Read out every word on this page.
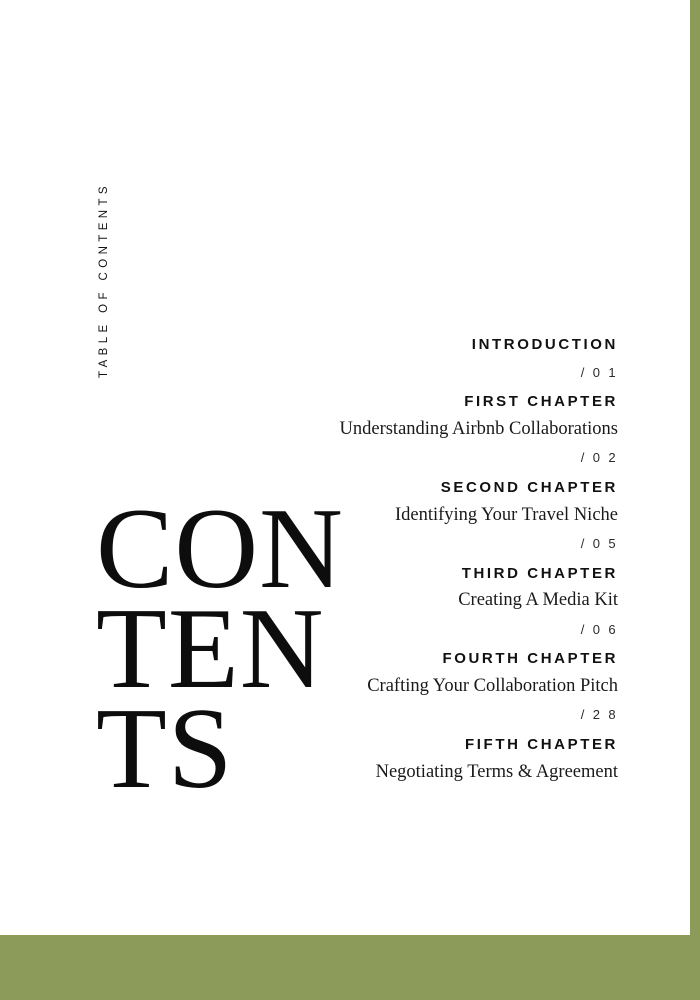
TABLE OF CONTENTS
CONTENTS
INTRODUCTION
/ 0 1
FIRST CHAPTER
Understanding Airbnb Collaborations
/ 0 2
SECOND CHAPTER
Identifying Your Travel Niche
/ 0 5
THIRD CHAPTER
Creating A Media Kit
/ 0 6
FOURTH CHAPTER
Crafting Your Collaboration Pitch
/ 2 8
FIFTH CHAPTER
Negotiating Terms & Agreement
